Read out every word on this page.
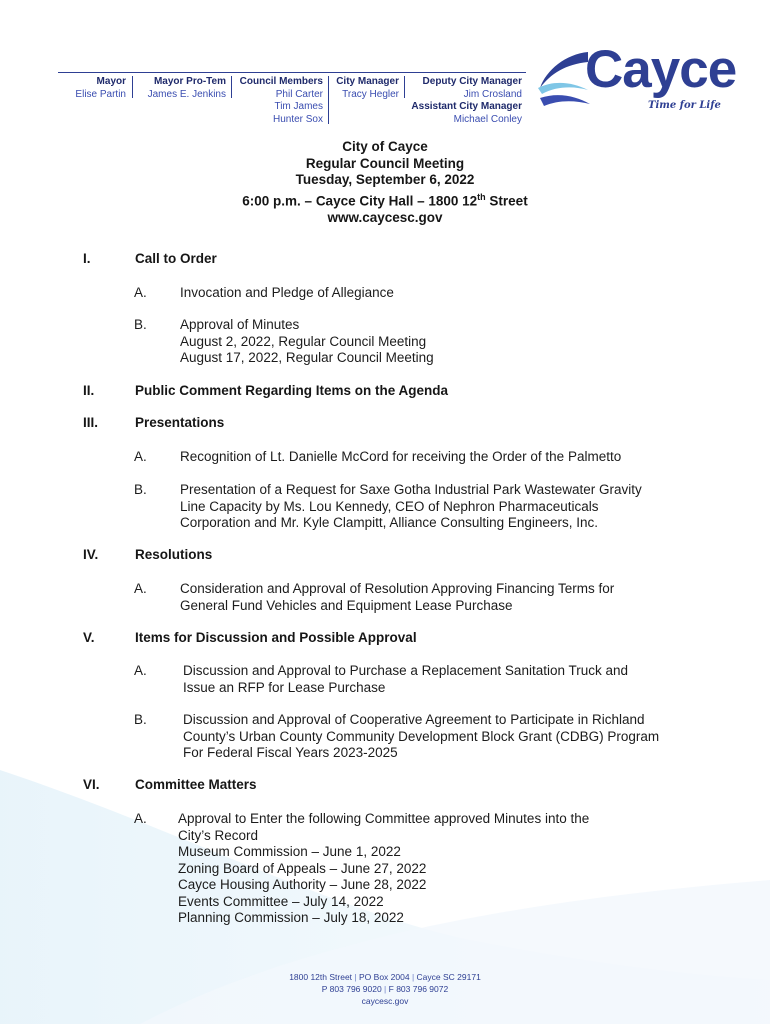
Mayor
Elise Partin
Mayor Pro-Tem
James E. Jenkins
Council Members
Phil Carter
Tim James
Hunter Sox
City Manager
Tracy Hegler
Deputy City Manager
Jim Crosland
Assistant City Manager
Michael Conley
Cayce
Time for Life
City of Cayce
Regular Council Meeting
Tuesday, September 6, 2022
6:00 p.m. – Cayce City Hall – 1800 12th Street
www.caycesc.gov
I.	Call to Order
A. Invocation and Pledge of Allegiance
B. Approval of Minutes
August 2, 2022, Regular Council Meeting
August 17, 2022, Regular Council Meeting
II.	Public Comment Regarding Items on the Agenda
III.	Presentations
A. Recognition of Lt. Danielle McCord for receiving the Order of the Palmetto
B. Presentation of a Request for Saxe Gotha Industrial Park Wastewater Gravity
Line Capacity by Ms. Lou Kennedy, CEO of Nephron Pharmaceuticals
Corporation and Mr. Kyle Clampitt, Alliance Consulting Engineers, Inc.
IV.	Resolutions
A. Consideration and Approval of Resolution Approving Financing Terms for
General Fund Vehicles and Equipment Lease Purchase
V.	Items for Discussion and Possible Approval
A.	Discussion and Approval to Purchase a Replacement Sanitation Truck and
Issue an RFP for Lease Purchase
B.	Discussion and Approval of Cooperative Agreement to Participate in Richland
County’s Urban County Community Development Block Grant (CDBG) Program
For Federal Fiscal Years 2023-2025
VI.	Committee Matters
A. Approval to Enter the following Committee approved Minutes into the
City’s Record
Museum Commission – June 1, 2022
Zoning Board of Appeals – June 27, 2022
Cayce Housing Authority – June 28, 2022
Events Committee – July 14, 2022
Planning Commission – July 18, 2022
1800 12th Street | PO Box 2004 | Cayce SC 29171
P 803 796 9020 | F 803 796 9072
caycesc.gov
